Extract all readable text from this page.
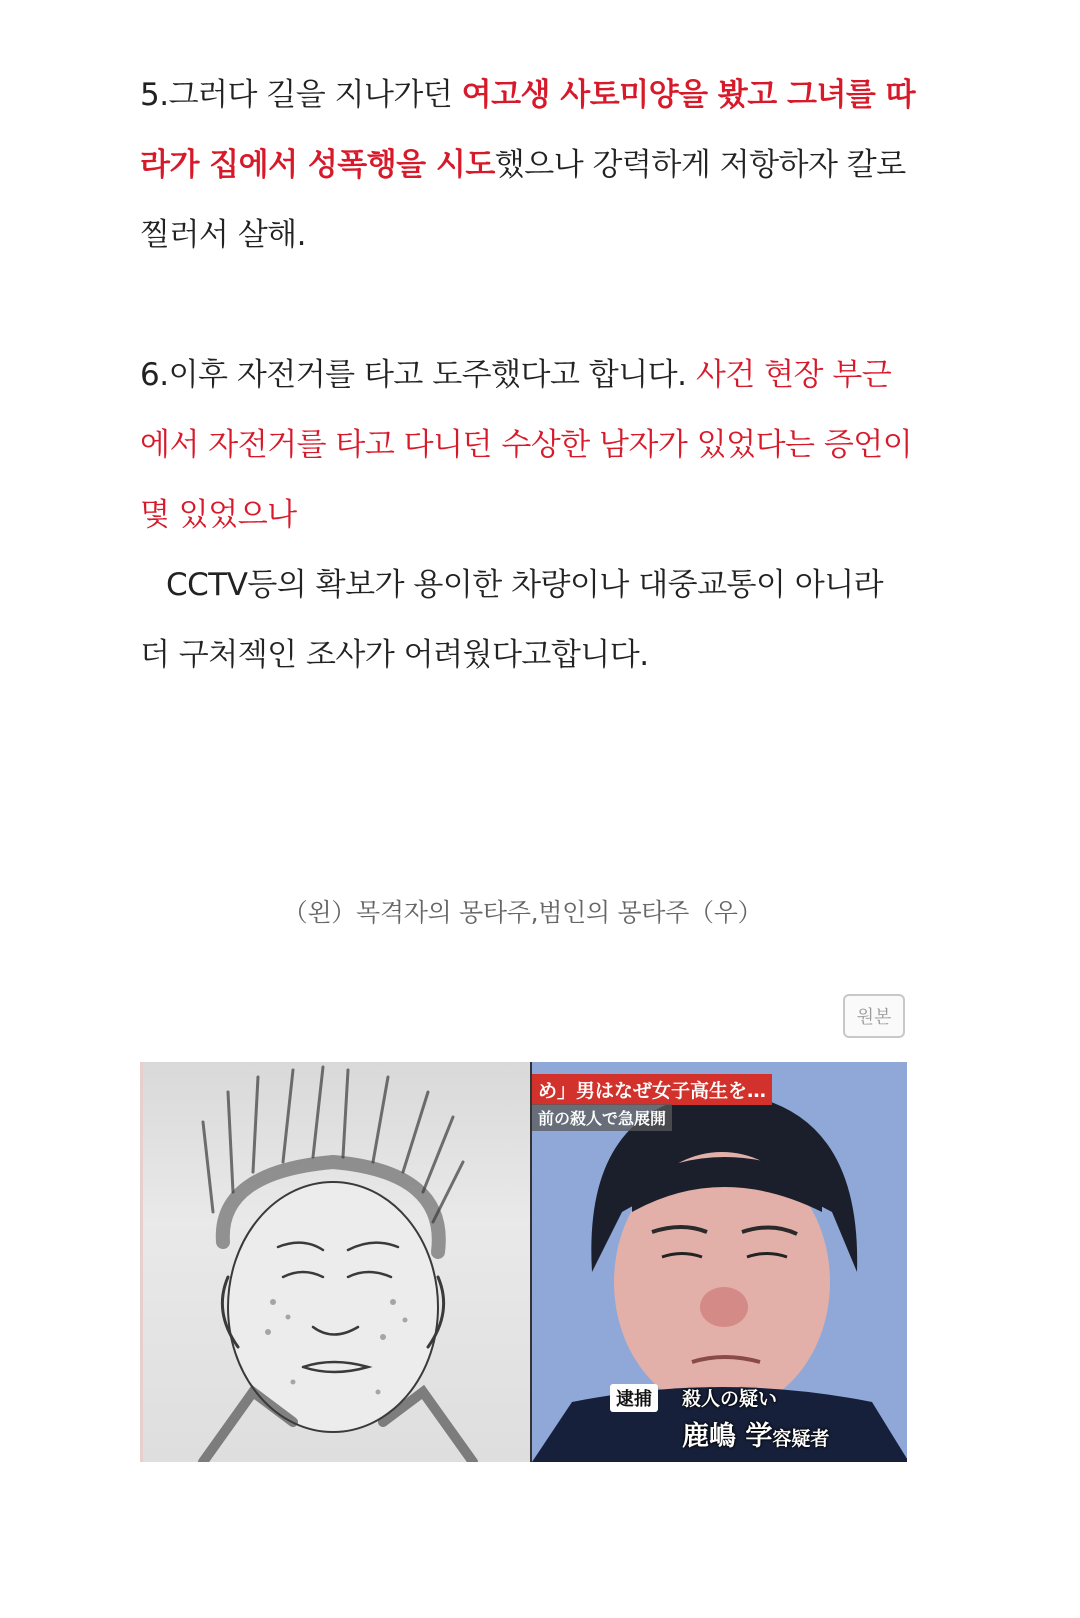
5.그러다 길을 지나가던 여고생 사토미양을 봤고 그녀를 따라가 집에서 성폭행을 시도했으나 강력하게 저항하자 칼로 찔러서 살해.

6.이후 자전거를 타고 도주했다고 합니다. 사건 현장 부근에서 자전거를 타고 다니던 수상한 남자가 있었다는 증언이 몇 있었으나
CCTV등의 확보가 용이한 차량이나 대중교통이 아니라 더 구처젝인 조사가 어려웠다고합니다.

（왼）목격자의 몽타주,범인의 몽타주（우）
원본
め」男はなぜ女子高生を…
前の殺人で急展開
逮捕	殺人の疑い
鹿嶋 学容疑者
